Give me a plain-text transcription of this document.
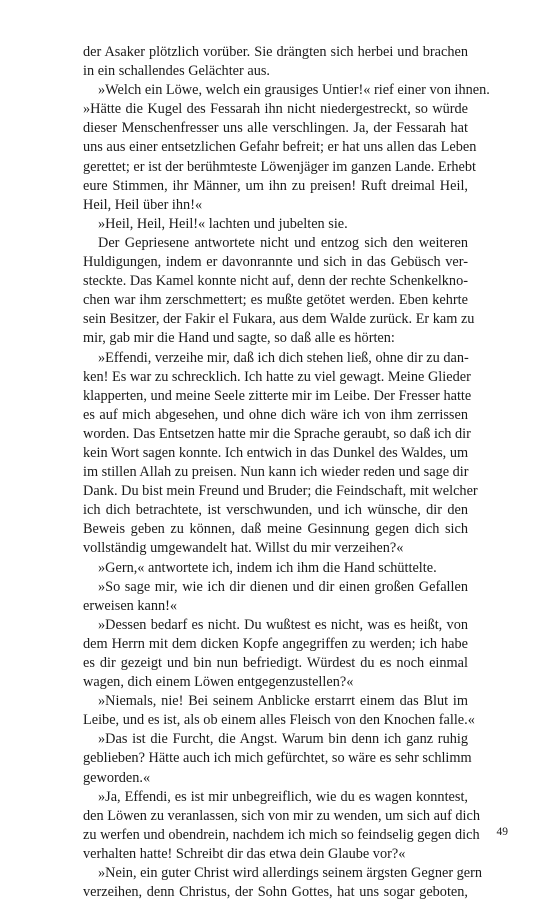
der Asaker plötzlich vorüber. Sie drängten sich herbei und brachen
in ein schallendes Gelächter aus.
»Welch ein Löwe, welch ein grausiges Untier!« rief einer von ihnen.
»Hätte die Kugel des Fessarah ihn nicht niedergestreckt, so würde
dieser Menschenfresser uns alle verschlingen. Ja, der Fessarah hat
uns aus einer entsetzlichen Gefahr befreit; er hat uns allen das Leben
gerettet; er ist der berühmteste Löwenjäger im ganzen Lande. Erhebt
eure Stimmen, ihr Männer, um ihn zu preisen! Ruft dreimal Heil,
Heil, Heil über ihn!«
»Heil, Heil, Heil!« lachten und jubelten sie.
Der Gepriesene antwortete nicht und entzog sich den weiteren
Huldigungen, indem er davonrannte und sich in das Gebüsch ver-
steckte. Das Kamel konnte nicht auf, denn der rechte Schenkelkno-
chen war ihm zerschmettert; es mußte getötet werden. Eben kehrte
sein Besitzer, der Fakir el Fukara, aus dem Walde zurück. Er kam zu
mir, gab mir die Hand und sagte, so daß alle es hörten:
»Effendi, verzeihe mir, daß ich dich stehen ließ, ohne dir zu dan-
ken! Es war zu schrecklich. Ich hatte zu viel gewagt. Meine Glieder
klapperten, und meine Seele zitterte mir im Leibe. Der Fresser hatte
es auf mich abgesehen, und ohne dich wäre ich von ihm zerrissen
worden. Das Entsetzen hatte mir die Sprache geraubt, so daß ich dir
kein Wort sagen konnte. Ich entwich in das Dunkel des Waldes, um
im stillen Allah zu preisen. Nun kann ich wieder reden und sage dir
Dank. Du bist mein Freund und Bruder; die Feindschaft, mit welcher
ich dich betrachtete, ist verschwunden, und ich wünsche, dir den
Beweis geben zu können, daß meine Gesinnung gegen dich sich
vollständig umgewandelt hat. Willst du mir verzeihen?«
»Gern,« antwortete ich, indem ich ihm die Hand schüttelte.
»So sage mir, wie ich dir dienen und dir einen großen Gefallen
erweisen kann!«
»Dessen bedarf es nicht. Du wußtest es nicht, was es heißt, von
dem Herrn mit dem dicken Kopfe angegriffen zu werden; ich habe
es dir gezeigt und bin nun befriedigt. Würdest du es noch einmal
wagen, dich einem Löwen entgegenzustellen?«
»Niemals, nie! Bei seinem Anblicke erstarrt einem das Blut im
Leibe, und es ist, als ob einem alles Fleisch von den Knochen falle.«
»Das ist die Furcht, die Angst. Warum bin denn ich ganz ruhig
geblieben? Hätte auch ich mich gefürchtet, so wäre es sehr schlimm
geworden.«
»Ja, Effendi, es ist mir unbegreiflich, wie du es wagen konntest,
den Löwen zu veranlassen, sich von mir zu wenden, um sich auf dich
zu werfen und obendrein, nachdem ich mich so feindselig gegen dich
verhalten hatte! Schreibt dir das etwa dein Glaube vor?«
»Nein, ein guter Christ wird allerdings seinem ärgsten Gegner gern
verzeihen, denn Christus, der Sohn Gottes, hat uns sogar geboten,
49
